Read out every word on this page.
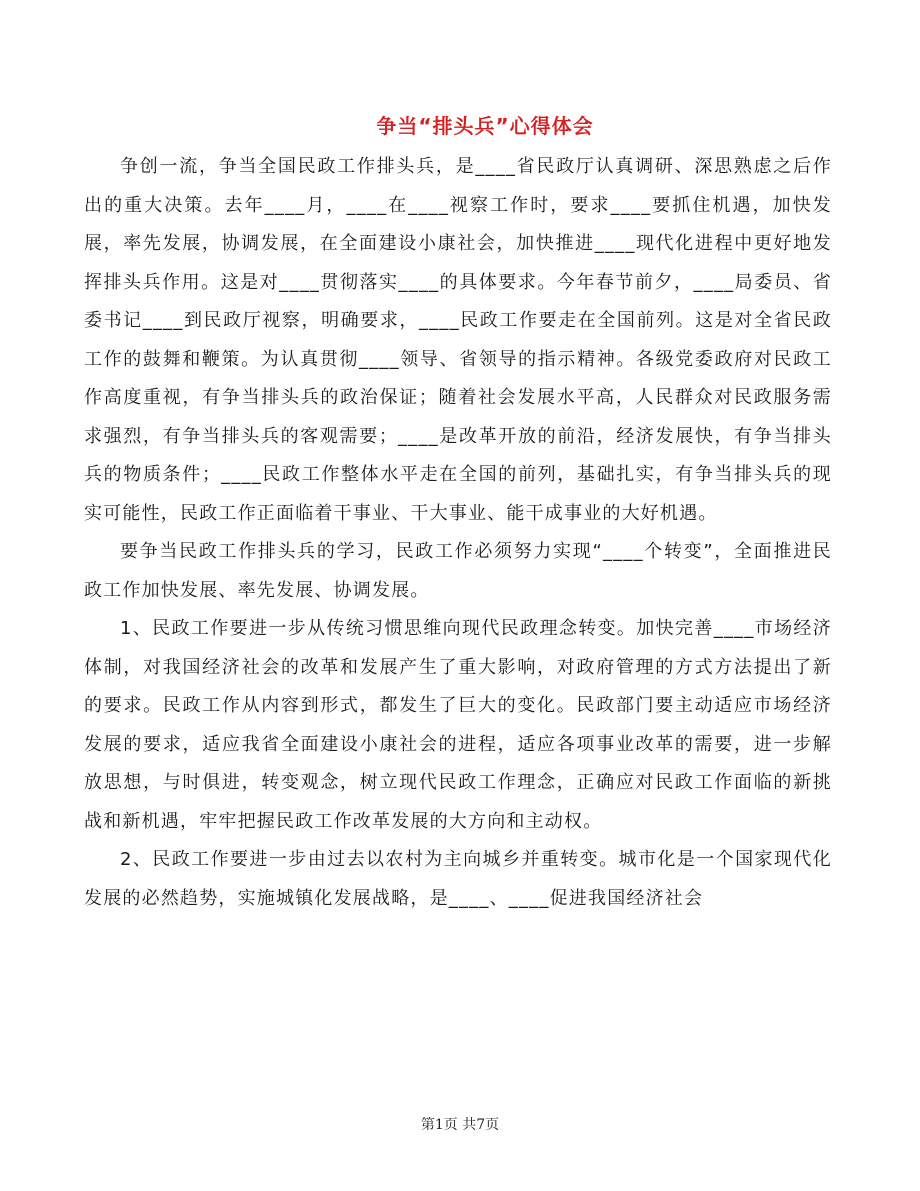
争当“排头兵”心得体会

争创一流，争当全国民政工作排头兵，是____省民政厅认真调研、深思熟虑之后作出的重大决策。去年____月，____在____视察工作时，要求____要抓住机遇，加快发展，率先发展，协调发展，在全面建设小康社会，加快推进____现代化进程中更好地发挥排头兵作用。这是对____贯彻落实____的具体要求。今年春节前夕，____局委员、省委书记____到民政厅视察，明确要求，____民政工作要走在全国前列。这是对全省民政工作的鼓舞和鞭策。为认真贯彻____领导、省领导的指示精神。各级党委政府对民政工作高度重视，有争当排头兵的政治保证；随着社会发展水平高，人民群众对民政服务需求强烈，有争当排头兵的客观需要；____是改革开放的前沿，经济发展快，有争当排头兵的物质条件；____民政工作整体水平走在全国的前列，基础扎实，有争当排头兵的现实可能性，民政工作正面临着干事业、干大事业、能干成事业的大好机遇。

要争当民政工作排头兵的学习，民政工作必须努力实现“____个转变”，全面推进民政工作加快发展、率先发展、协调发展。

1、民政工作要进一步从传统习惯思维向现代民政理念转变。加快完善____市场经济体制，对我国经济社会的改革和发展产生了重大影响，对政府管理的方式方法提出了新的要求。民政工作从内容到形式，都发生了巨大的变化。民政部门要主动适应市场经济发展的要求，适应我省全面建设小康社会的进程，适应各项事业改革的需要，进一步解放思想，与时俱进，转变观念，树立现代民政工作理念，正确应对民政工作面临的新挑战和新机遇，牢牢把握民政工作改革发展的大方向和主动权。

2、民政工作要进一步由过去以农村为主向城乡并重转变。城市化是一个国家现代化发展的必然趋势，实施城镇化发展战略，是____、____促进我国经济社会

第1页 共7页
